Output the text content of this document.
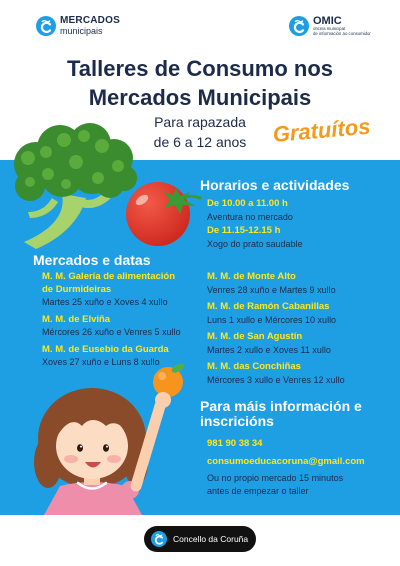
MERCADOS
municipais
OMIC
oficina municipal
de información ao consumidor
Talleres de Consumo nos
Mercados Municipais
Para rapazada
de 6 a 12 anos	Gratuítos
Horarios e actividades
De 10.00 a 11.00 h
Aventura no mercado
De 11.15-12.15 h
Xogo do prato saudable
Mercados e datas
M. M. Galería de alimentación de Durmideiras
Martes 25 xuño e Xoves 4 xullo
M. M. de Elviña
Mércores 26 xuño e Venres 5 xullo
M. M. de Eusebio da Guarda
Xoves 27 xuño e Luns 8 xullo
M. M. de Monte Alto
Venres 28 xuño e Martes 9 xullo
M. M. de Ramón Cabanillas
Luns 1 xullo e Mércores 10 xullo
M. M. de San Agustín
Martes 2 xullo e Xoves 11 xullo
M. M. das Conchiñas
Mércores 3 xullo e Venres 12 xullo
Para máis información e inscricións
981 90 38 34
consumoeducacoruna@gmail.com
Ou no propio mercado 15 minutos antes de empezar o taller
Concello da Coruña
